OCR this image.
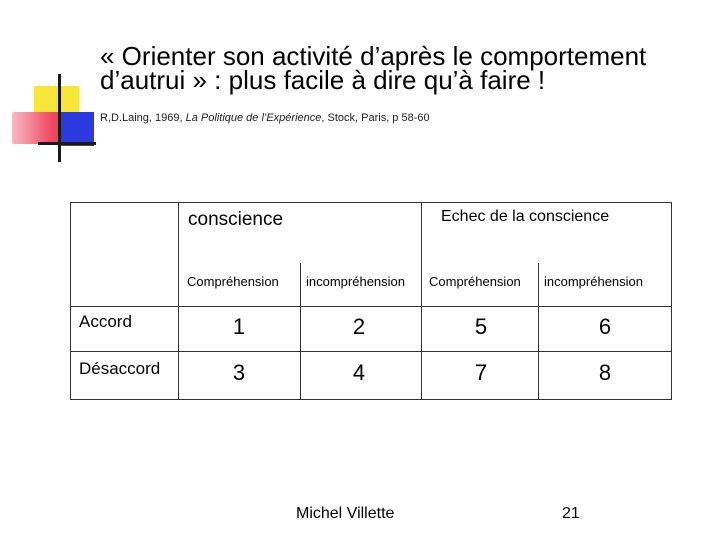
« Orienter son activité d’après le comportement
d’autrui » : plus facile à dire qu’à faire !
R,D.Laing, 1969, La Politique de l’Expérience, Stock, Paris, p 58-60
conscience	Echec de la conscience
Compréhension incompréhension Compréhension incompréhension
Accord	1	2	5	6
Désaccord	3	4	7	8
Michel Villette	21
